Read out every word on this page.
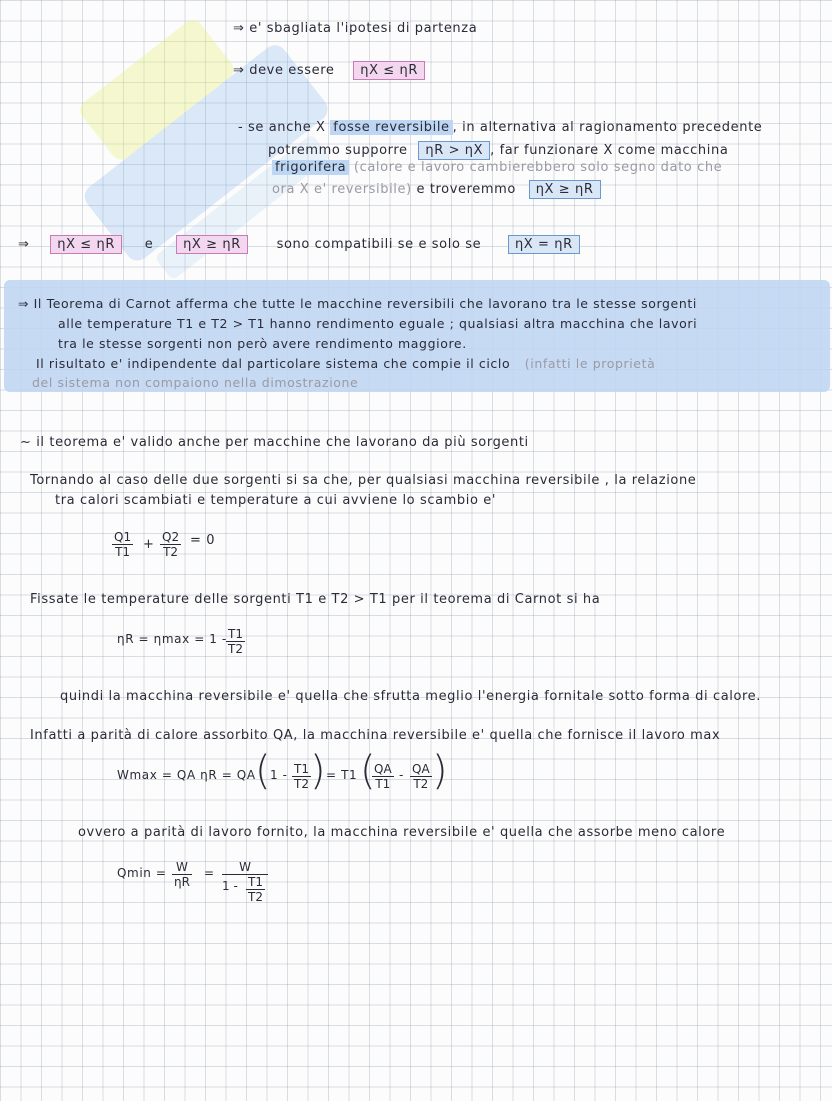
⇒ e' sbagliata l'ipotesi di partenza
⇒ deve essere ηX ≤ ηR
- se anche X fosse reversibile , in alternativa al ragionamento precedente
potremmo supporre ηR > ηX , far funzionare X come macchina
frigorifera (calore e lavoro cambierebbero solo segno dato che
ora X e' reversibile) e troveremmo ηX ≥ ηR
⇒ ηX ≤ ηR e ηX ≥ ηR	sono compatibili se e solo se	ηX = ηR
⇒ Il Teorema di Carnot afferma che tutte le macchine reversibili che lavorano tra le stesse sorgenti
alle temperature T1 e T2 > T1 hanno rendimento eguale ; qualsiasi altra macchina che lavori
tra le stesse sorgenti non però avere rendimento maggiore.
Il risultato e' indipendente dal particolare sistema che compie il ciclo (infatti le proprietà
del sistema non compaiono nella dimostrazione
~ il teorema e' valido anche per macchine che lavorano da più sorgenti
Tornando al caso delle due sorgenti si sa che, per qualsiasi macchina reversibile , la relazione
tra calori scambiati e temperature a cui avviene lo scambio e'
$\frac{Q1}{T1} + \frac{Q2}{T2} = 0$
Fissate le temperature delle sorgenti T1 e T2 > T1 per il teorema di Carnot si ha
$\eta R = \eta\max = 1 - \frac{T1}{T2}$
quindi la macchina reversibile e' quella che sfrutta meglio l'energia fornitale sotto forma di calore.
Infatti a parità di calore assorbito QA, la macchina reversibile e' quella che fornisce il lavoro max
Wmax = QA ηR = QA ( $1 - \frac{T1}{T2}$ ) = T1 (
$\frac{QA}{T1} - \frac{QA}{T2}$ )
ovvero a parità di lavoro fornito, la macchina reversibile e' quella che assorbe meno calore
$Qmin = \frac{W}{\eta R}$ =	W
1 - T1
T2
